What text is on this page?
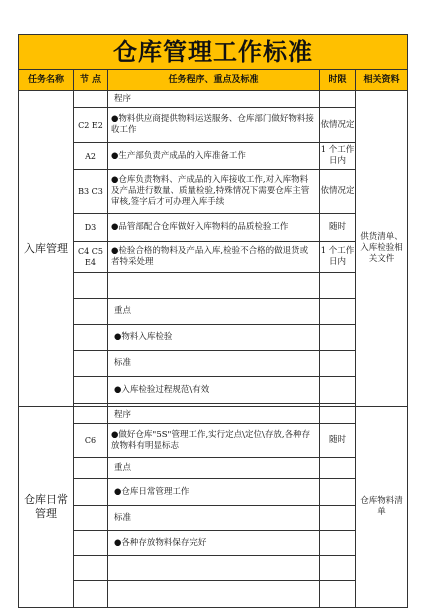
仓库管理工作标准				
任务名称	节 点	任务程序、重点及标准	时限	相关资料
入库管理		程序		供货清单、入库检验相关文件
	C2 E2	●物料供应商提供物料运送服务、仓库部门做好物料接收工作	依情况定	
	A2	●生产部负责产成品的入库准备工作	1 个工作日内	
	B3 C3	●仓库负责物料、产成品的入库接收工作,对入库物料及产品进行数量、质量检验,特殊情况下需要仓库主管审核,签字后才可办理入库手续	依情况定	
	D3	●品管部配合仓库做好入库物料的品质检验工作	随时	
	C4 C5 E4	●检验合格的物料及产品入库,检验不合格的做退货或者特采处理	1 个工作日内	

		重点		
		●物料入库检验		
		标准		
		●入库检验过程规范\有效		

仓库日常管理		程序		仓库物料清单
	C6	●做好仓库"5S"管理工作,实行定点\定位\存放,各种存放物料有明显标志	随时	
		重点		
		●仓库日常管理工作		
		标准		
		●各种存放物料保存完好		
